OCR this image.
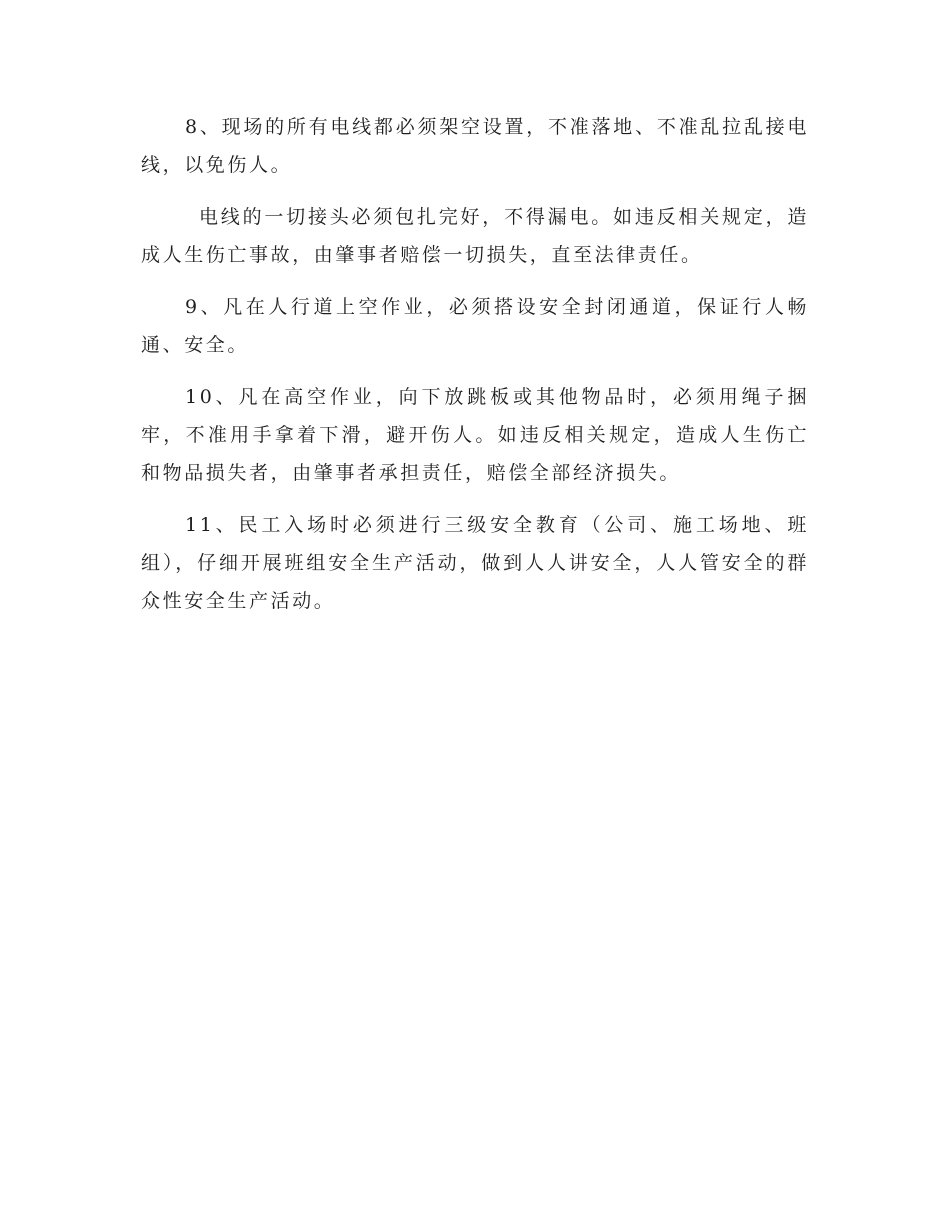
8、现场的所有电线都必须架空设置，不准落地、不准乱拉乱接电线，以免伤人。

电线的一切接头必须包扎完好，不得漏电。如违反相关规定，造成人生伤亡事故，由肇事者赔偿一切损失，直至法律责任。

9、凡在人行道上空作业，必须搭设安全封闭通道，保证行人畅通、安全。

10、凡在高空作业，向下放跳板或其他物品时，必须用绳子捆牢，不准用手拿着下滑，避开伤人。如违反相关规定，造成人生伤亡和物品损失者，由肇事者承担责任，赔偿全部经济损失。

11、民工入场时必须进行三级安全教育（公司、施工场地、班组），仔细开展班组安全生产活动，做到人人讲安全，人人管安全的群众性安全生产活动。
